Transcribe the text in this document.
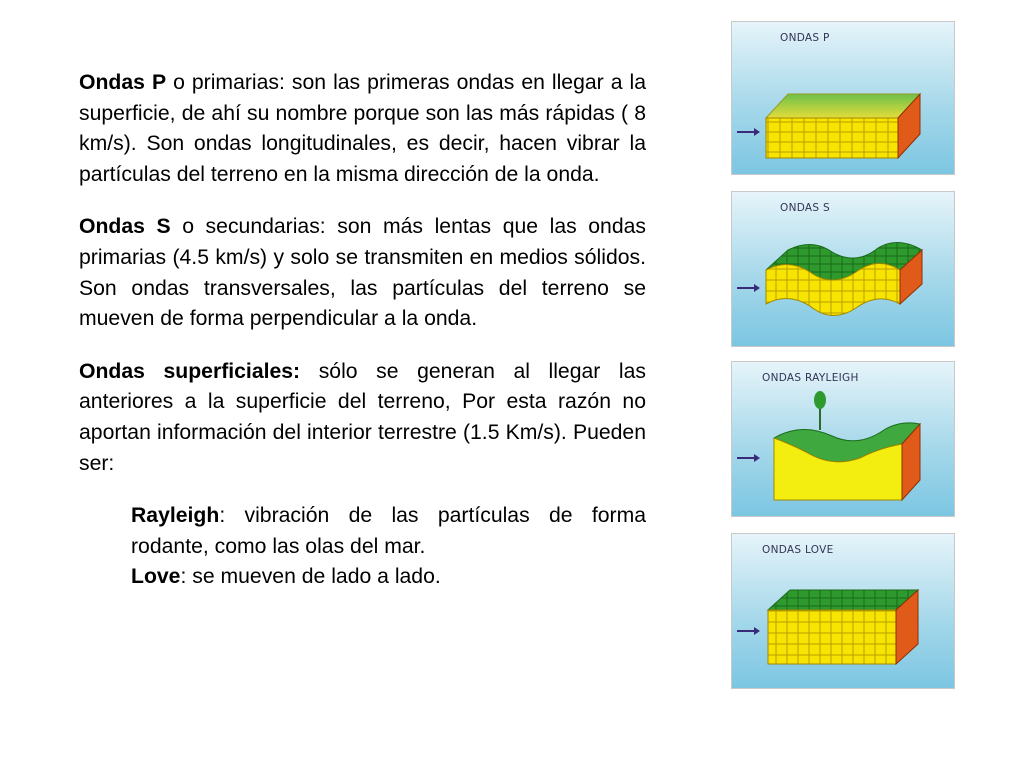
Ondas P o primarias: son las primeras ondas en llegar a la superficie, de ahí su nombre porque son las más rápidas ( 8 km/s). Son ondas longitudinales, es decir, hacen vibrar la partículas del terreno en la misma dirección de la onda.

Ondas S o secundarias: son más lentas que las ondas primarias (4.5 km/s) y solo se transmiten en medios sólidos. Son ondas transversales, las partículas del terreno se mueven de forma perpendicular a la onda.

Ondas superficiales: sólo se generan al llegar las anteriores a la superficie del terreno, Por esta razón no aportan información del interior terrestre (1.5 Km/s). Pueden ser:

Rayleigh: vibración de las partículas de forma rodante, como las olas del mar.

Love: se mueven de lado a lado.

ONDAS P
ONDAS S
ONDAS RAYLEIGH
ONDAS LOVE
